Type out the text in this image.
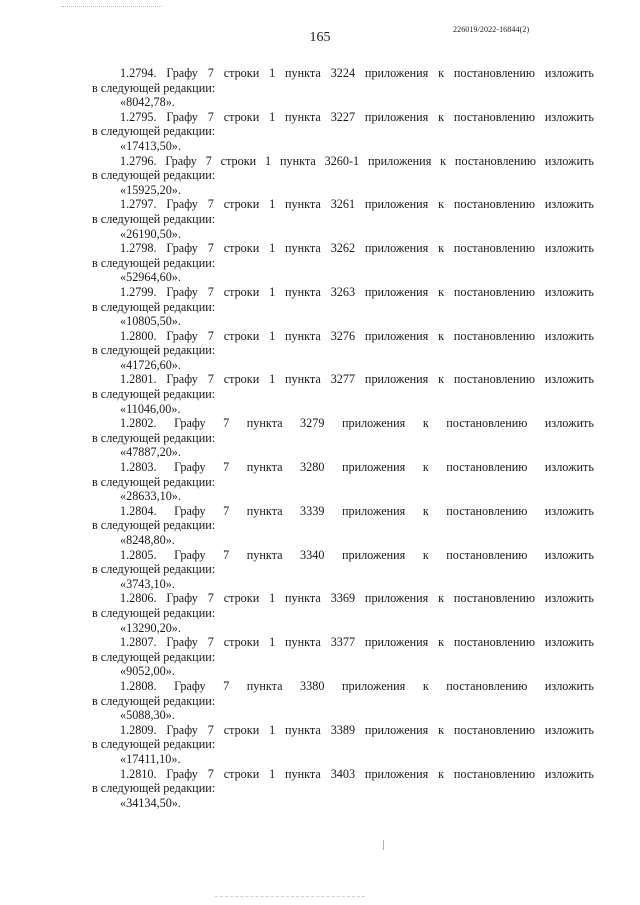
226019/2022-16844(2)
165
1.2794. Графу 7 строки 1 пункта 3224 приложения к постановлению изложить
в следующей редакции:
«8042,78».
1.2795. Графу 7 строки 1 пункта 3227 приложения к постановлению изложить
в следующей редакции:
«17413,50».
1.2796. Графу 7 строки 1 пункта 3260-1 приложения к постановлению изложить
в следующей редакции:
«15925,20».
1.2797. Графу 7 строки 1 пункта 3261 приложения к постановлению изложить
в следующей редакции:
«26190,50».
1.2798. Графу 7 строки 1 пункта 3262 приложения к постановлению изложить
в следующей редакции:
«52964,60».
1.2799. Графу 7 строки 1 пункта 3263 приложения к постановлению изложить
в следующей редакции:
«10805,50».
1.2800. Графу 7 строки 1 пункта 3276 приложения к постановлению изложить
в следующей редакции:
«41726,60».
1.2801. Графу 7 строки 1 пункта 3277 приложения к постановлению изложить
в следующей редакции:
«11046,00».
1.2802. Графу 7 пункта 3279 приложения к постановлению изложить
в следующей редакции:
«47887,20».
1.2803. Графу 7 пункта 3280 приложения к постановлению изложить
в следующей редакции:
«28633,10».
1.2804. Графу 7 пункта 3339 приложения к постановлению изложить
в следующей редакции:
«8248,80».
1.2805. Графу 7 пункта 3340 приложения к постановлению изложить
в следующей редакции:
«3743,10».
1.2806. Графу 7 строки 1 пункта 3369 приложения к постановлению изложить
в следующей редакции:
«13290,20».
1.2807. Графу 7 строки 1 пункта 3377 приложения к постановлению изложить
в следующей редакции:
«9052,00».
1.2808. Графу 7 пункта 3380 приложения к постановлению изложить
в следующей редакции:
«5088,30».
1.2809. Графу 7 строки 1 пункта 3389 приложения к постановлению изложить
в следующей редакции:
«17411,10».
1.2810. Графу 7 строки 1 пункта 3403 приложения к постановлению изложить
в следующей редакции:
«34134,50».
